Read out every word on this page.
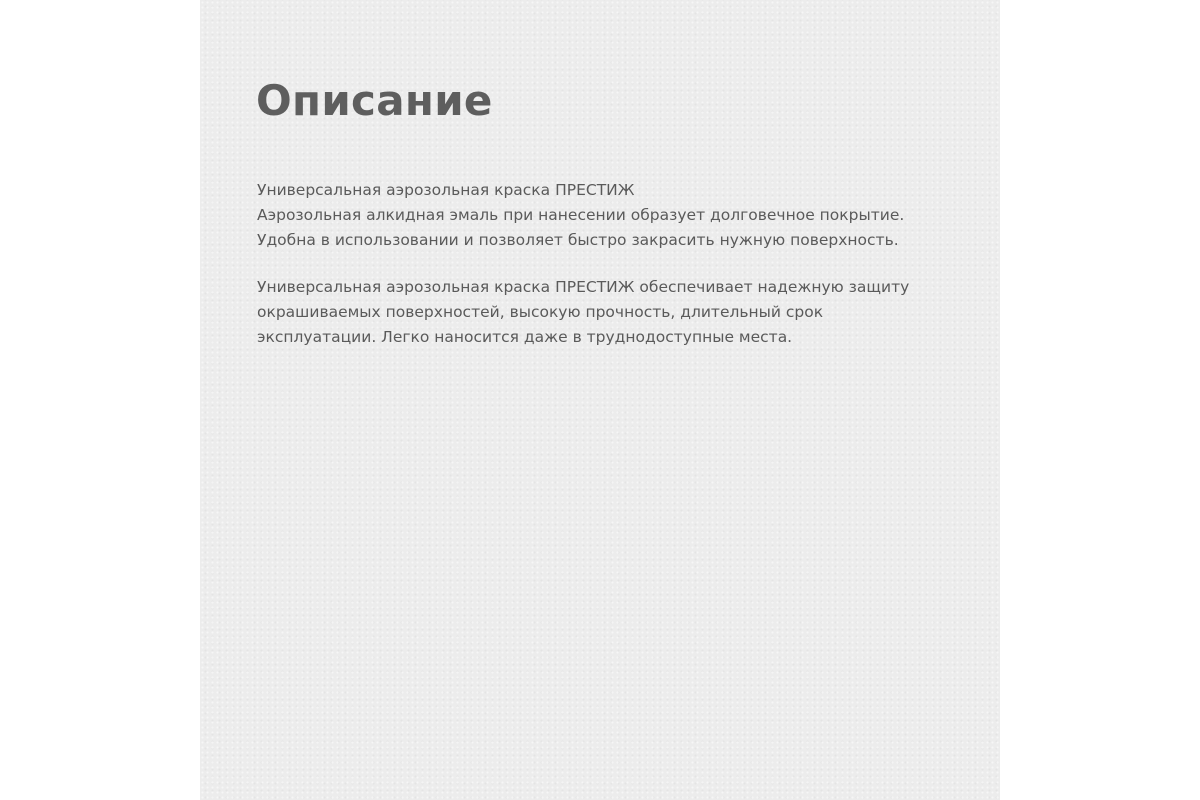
Описание

Универсальная аэрозольная краска ПРЕСТИЖ
Аэрозольная алкидная эмаль при нанесении образует долговечное покрытие.
Удобна в использовании и позволяет быстро закрасить нужную поверхность.

Универсальная аэрозольная краска ПРЕСТИЖ обеспечивает надежную защиту
окрашиваемых поверхностей, высокую прочность, длительный срок
эксплуатации. Легко наносится даже в труднодоступные места.
